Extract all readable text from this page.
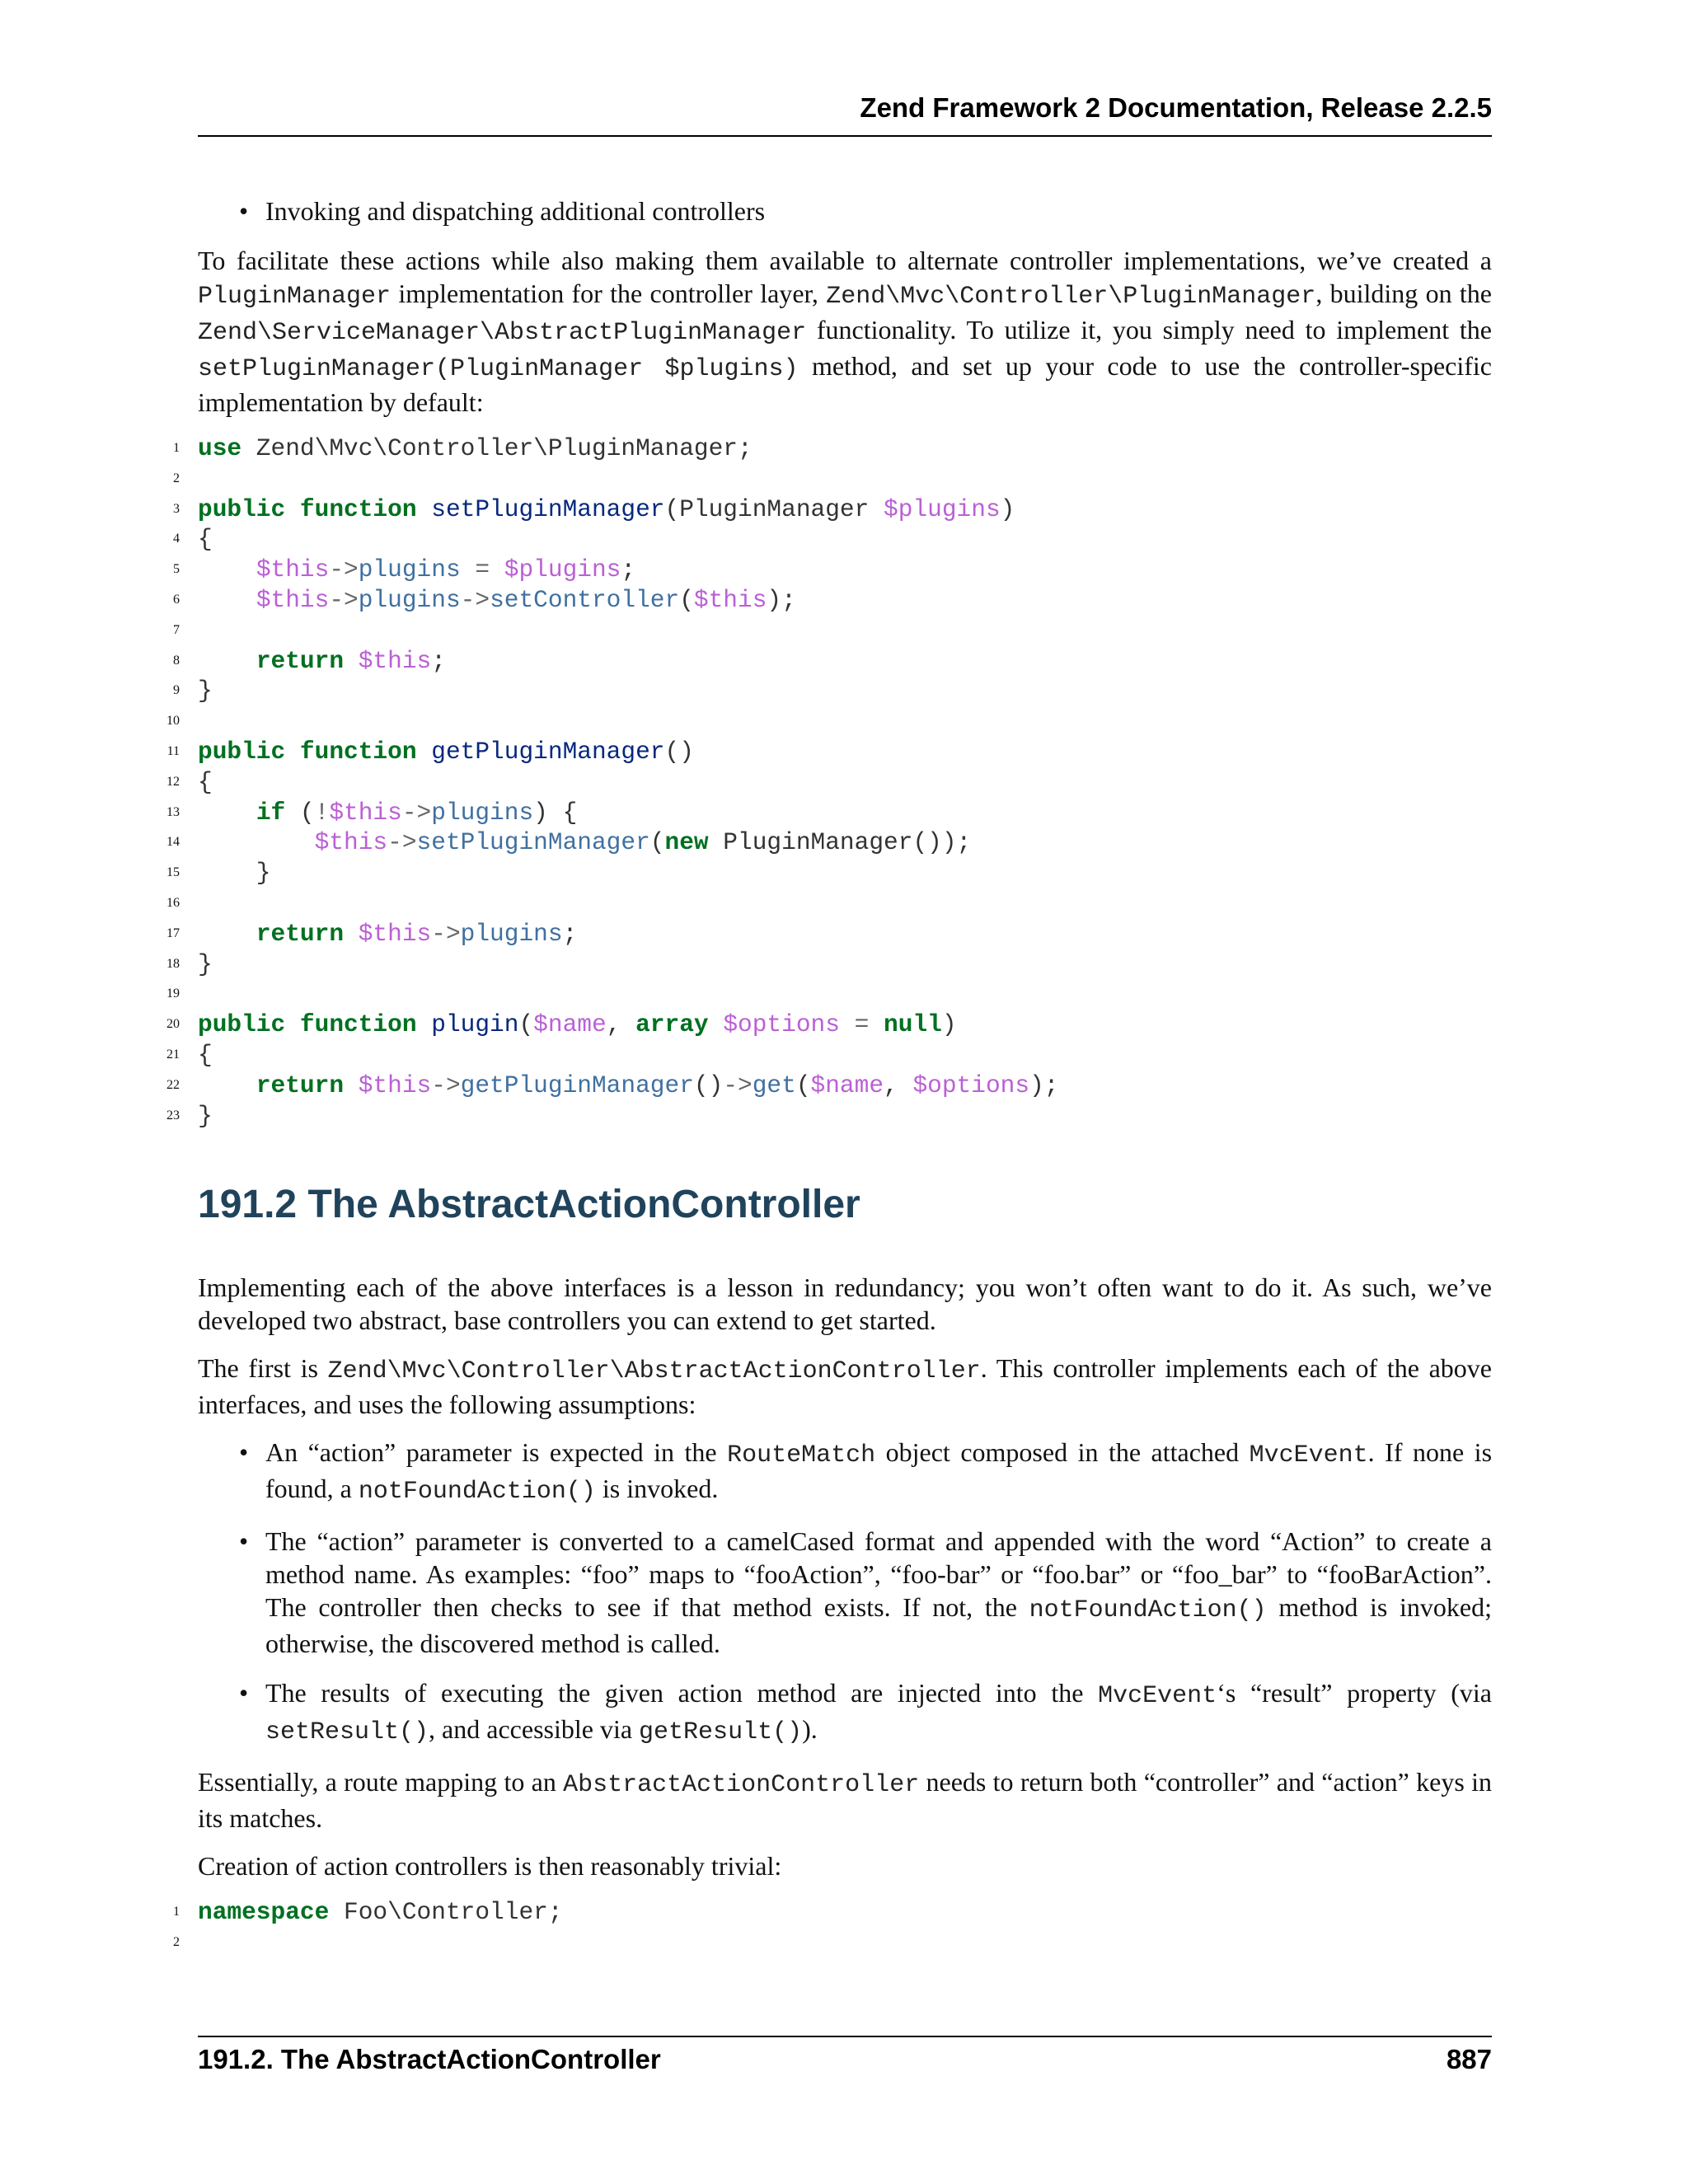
Zend Framework 2 Documentation, Release 2.2.5
• Invoking and dispatching additional controllers

To facilitate these actions while also making them available to alternate controller implementations, we’ve created a PluginManager implementation for the controller layer, Zend\Mvc\Controller\PluginManager, building on the Zend\ServiceManager\AbstractPluginManager functionality. To utilize it, you simply need to implement the setPluginManager(PluginManager $plugins) method, and set up your code to use the controller-specific implementation by default:

1 use Zend\Mvc\Controller\PluginManager;
2
3 public function setPluginManager(PluginManager $plugins)
4 {
5	$this->plugins = $plugins;
6	$this->plugins->setController($this);
7
8	return $this;
9 }
10
11 public function getPluginManager()
12 {
13	if (!$this->plugins) {
14	$this->setPluginManager(new PluginManager());
15 }
16
17	return $this->plugins;
18 }
19
20 public function plugin($name, array $options = null)
21 {
22	return $this->getPluginManager()->get($name, $options);
23 }
191.2 The AbstractActionController

Implementing each of the above interfaces is a lesson in redundancy; you won’t often want to do it. As such, we’ve developed two abstract, base controllers you can extend to get started.

The first is Zend\Mvc\Controller\AbstractActionController. This controller implements each of the above interfaces, and uses the following assumptions:

• An “action” parameter is expected in the RouteMatch object composed in the attached MvcEvent. If none is found, a notFoundAction() is invoked.
• The “action” parameter is converted to a camelCased format and appended with the word “Action” to create a method name. As examples: “foo” maps to “fooAction”, “foo-bar” or “foo.bar” or “foo_bar” to “fooBarAction”. The controller then checks to see if that method exists. If not, the notFoundAction() method is invoked; otherwise, the discovered method is called.
• The results of executing the given action method are injected into the MvcEvent‘s “result” property (via setResult(), and accessible via getResult()).

Essentially, a route mapping to an AbstractActionController needs to return both “controller” and “action” keys in its matches.

Creation of action controllers is then reasonably trivial:

1 namespace Foo\Controller;
2
191.2. The AbstractActionController	887
